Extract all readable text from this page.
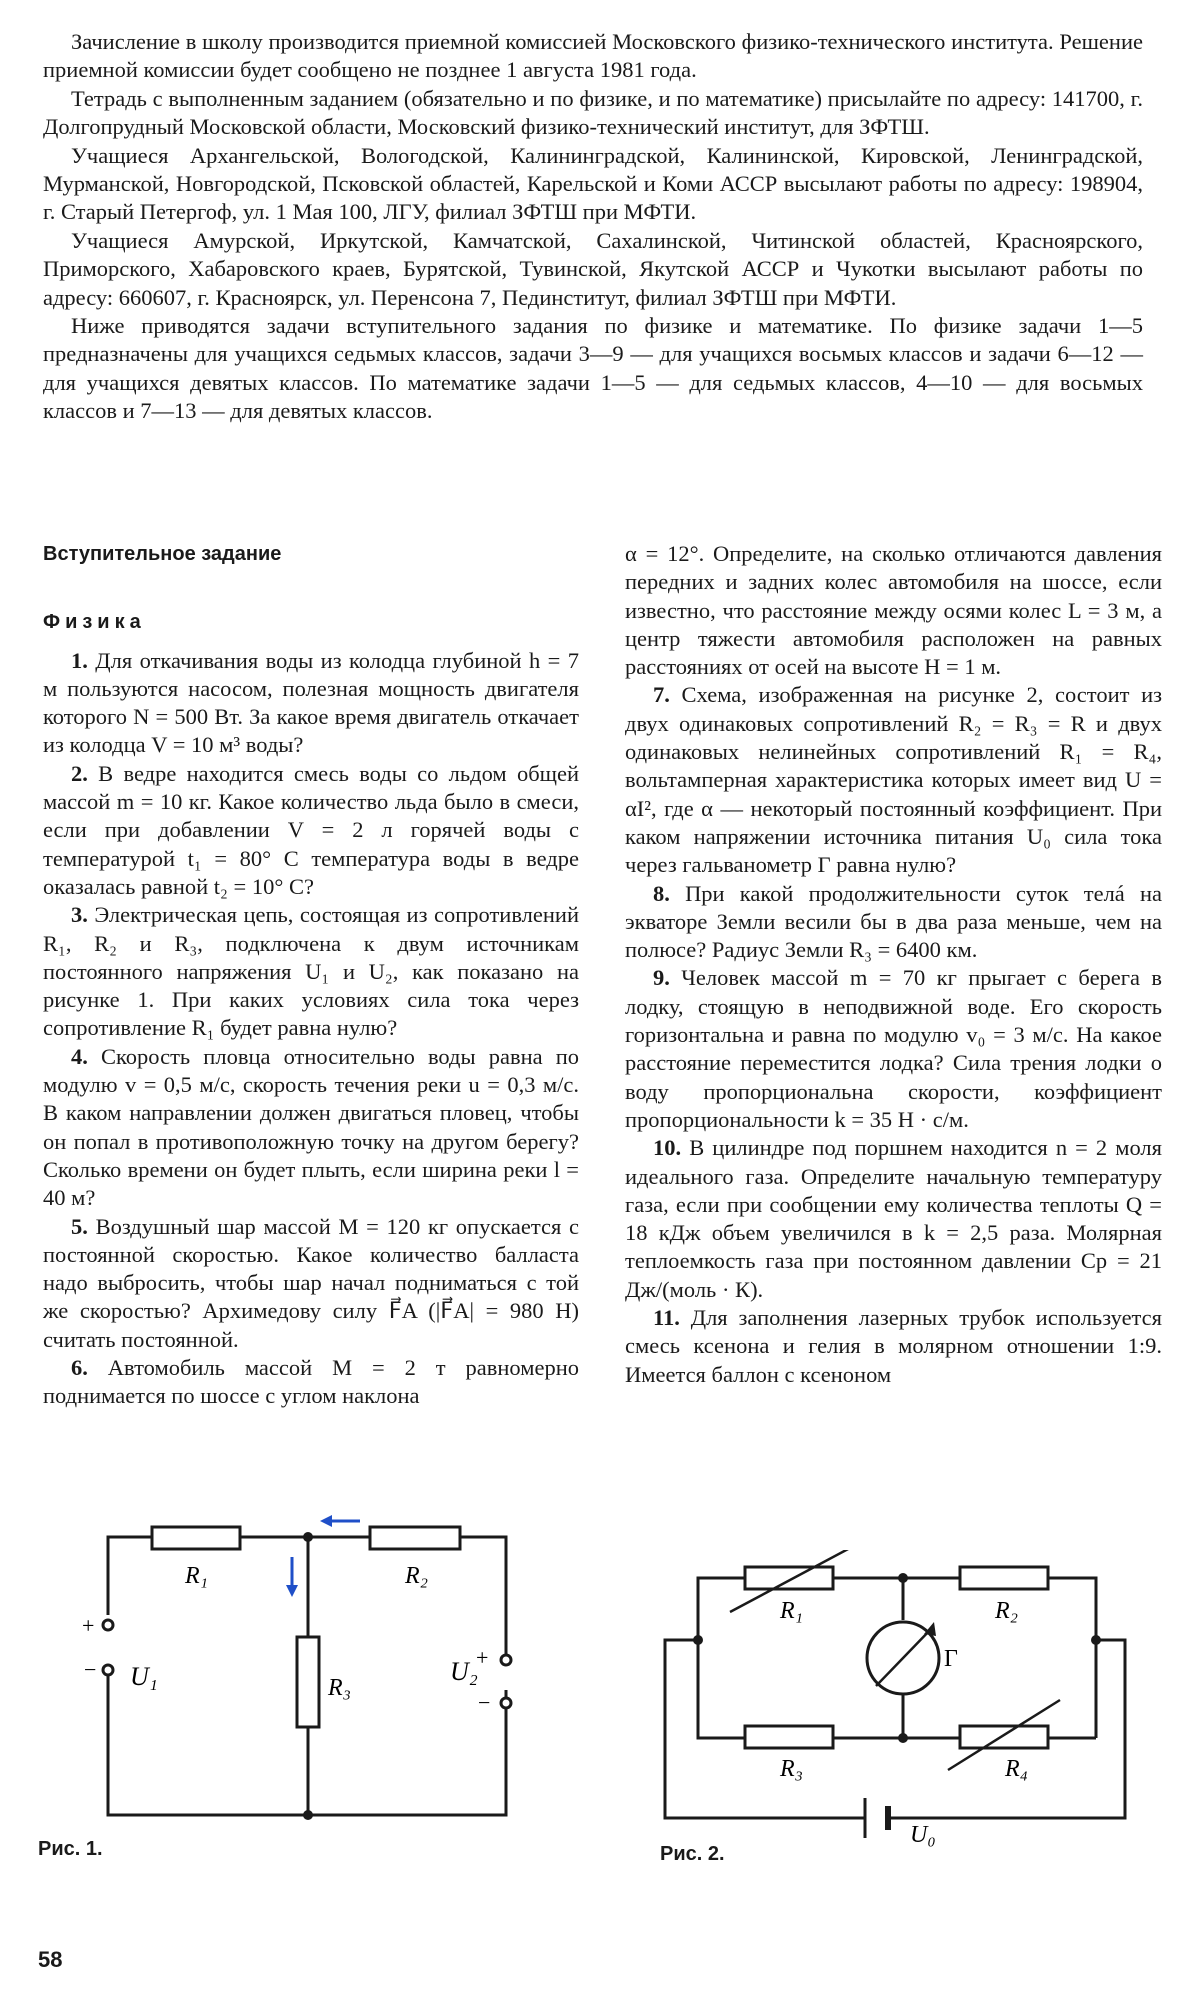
Зачисление в школу производится приемной комиссией Московского физико-технического института. Решение приемной комиссии будет сообщено не позднее 1 августа 1981 года.

Тетрадь с выполненным заданием (обязательно и по физике, и по математике) присылайте по адресу: 141700, г. Долгопрудный Московской области, Московский физико-технический институт, для ЗФТШ.

Учащиеся Архангельской, Вологодской, Калининградской, Калининской, Кировской, Ленинградской, Мурманской, Новгородской, Псковской областей, Карельской и Коми АССР высылают работы по адресу: 198904, г. Старый Петергоф, ул. 1 Мая 100, ЛГУ, филиал ЗФТШ при МФТИ.

Учащиеся Амурской, Иркутской, Камчатской, Сахалинской, Читинской областей, Красноярского, Приморского, Хабаровского краев, Бурятской, Тувинской, Якутской АССР и Чукотки высылают работы по адресу: 660607, г. Красноярск, ул. Перенсона 7, Пединститут, филиал ЗФТШ при МФТИ.

Ниже приводятся задачи вступительного задания по физике и математике. По физике задачи 1—5 предназначены для учащихся седьмых классов, задачи 3—9 — для учащихся восьмых классов и задачи 6—12 — для учащихся девятых классов. По математике задачи 1—5 — для седьмых классов, 4—10 — для восьмых классов и 7—13 — для девятых классов.

Вступительное задание

Физика

1. Для откачивания воды из колодца глубиной h = 7 м пользуются насосом, полезная мощность двигателя которого N = 500 Вт. За какое время двигатель откачает из колодца V = 10 м³ воды?

2. В ведре находится смесь воды со льдом общей массой m = 10 кг. Какое количество льда было в смеси, если при добавлении V = 2 л горячей воды с температурой t₁ = 80° С температура воды в ведре оказалась равной t₂ = 10° С?

3. Электрическая цепь, состоящая из сопротивлений R₁, R₂ и R₃, подключена к двум источникам постоянного напряжения U₁ и U₂, как показано на рисунке 1. При каких условиях сила тока через сопротивление R₁ будет равна нулю?

4. Скорость пловца относительно воды равна по модулю v = 0,5 м/с, скорость течения реки u = 0,3 м/с. В каком направлении должен двигаться пловец, чтобы он попал в противоположную точку на другом берегу? Сколько времени он будет плыть, если ширина реки l = 40 м?

5. Воздушный шар массой M = 120 кг опускается с постоянной скоростью. Какое количество балласта надо выбросить, чтобы шар начал подниматься с той же скоростью? Архимедову силу F⃗A (|F⃗A| = 980 Н) считать постоянной.

6. Автомобиль массой M = 2 т равномерно поднимается по шоссе с углом наклона

α = 12°. Определите, на сколько отличаются давления передних и задних колес автомобиля на шоссе, если известно, что расстояние между осями колес L = 3 м, а центр тяжести автомобиля расположен на равных расстояниях от осей на высоте H = 1 м.

7. Схема, изображенная на рисунке 2, состоит из двух одинаковых сопротивлений R₂ = R₃ = R и двух одинаковых нелинейных сопротивлений R₁ = R₄, вольтамперная характеристика которых имеет вид U = αI², где α — некоторый постоянный коэффициент. При каком напряжении источника питания U₀ сила тока через гальванометр Г равна нулю?

8. При какой продолжительности суток телá на экваторе Земли весили бы в два раза меньше, чем на полюсе? Радиус Земли R₃ = 6400 км.

9. Человек массой m = 70 кг прыгает с берега в лодку, стоящую в неподвижной воде. Его скорость горизонтальна и равна по модулю v₀ = 3 м/с. На какое расстояние переместится лодка? Сила трения лодки о воду пропорциональна скорости, коэффициент пропорциональности k = 35 Н · с/м.

10. В цилиндре под поршнем находится n = 2 моля идеального газа. Определите начальную температуру газа, если при сообщении ему количества теплоты Q = 18 кДж объем увеличился в k = 2,5 раза. Молярная теплоемкость газа при постоянном давлении Cp = 21 Дж/(моль · К).

11. Для заполнения лазерных трубок используется смесь ксенона и гелия в молярном отношении 1:9. Имеется баллон с ксеноном

R₁	R₂
R₃
U₁	U₂
+
−	+
−
Рис. 1.
R₁	R₂
R₃	R₄
Г
U₀
Рис. 2.
58
